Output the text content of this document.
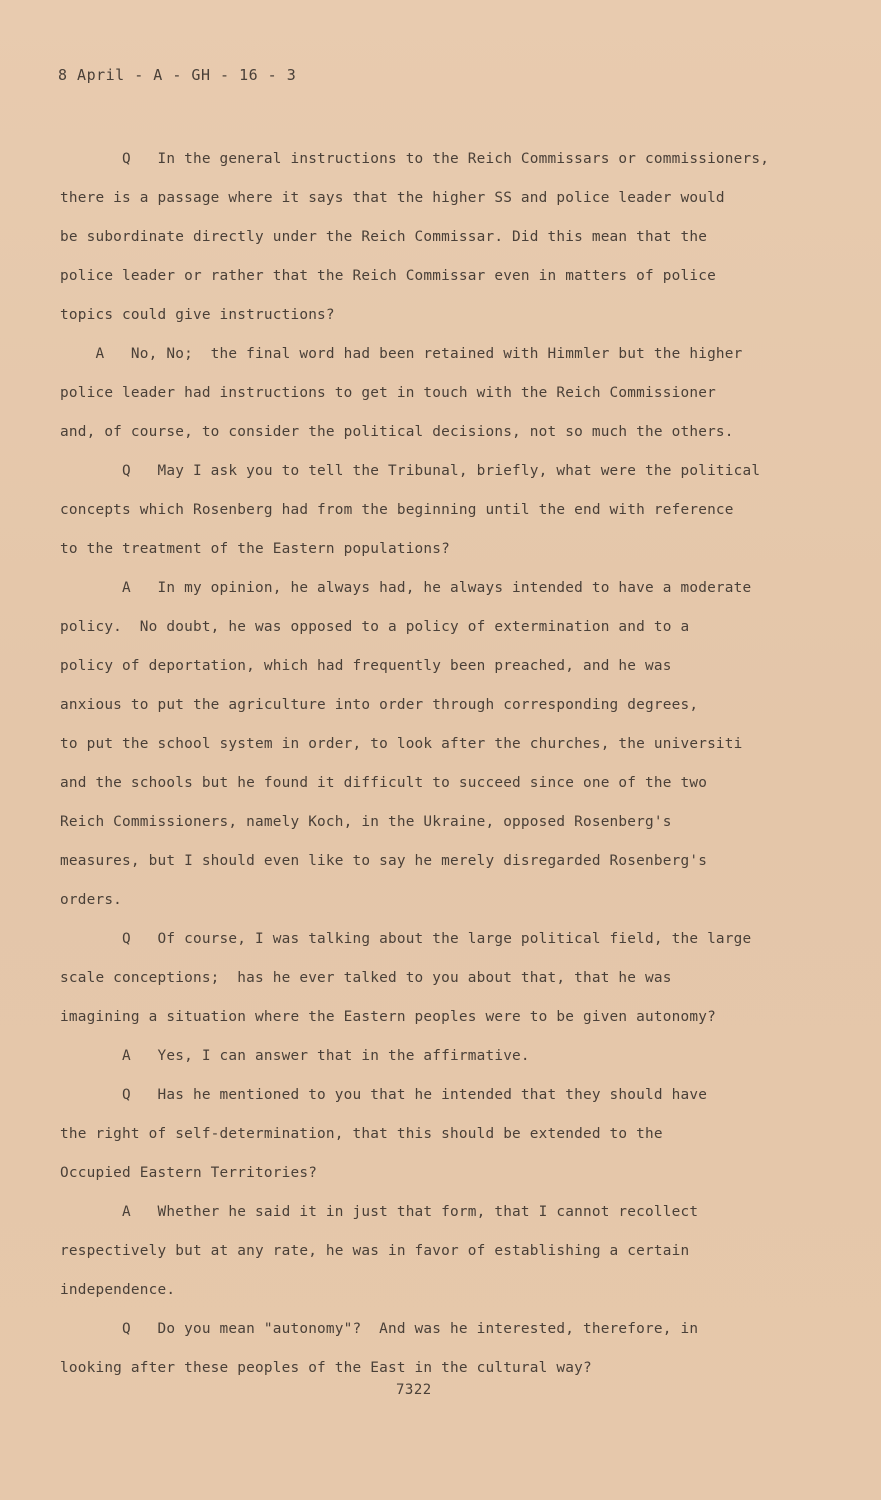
8 April - A - GH - 16 - 3
Q   In the general instructions to the Reich Commissars or commissioners,
there is a passage where it says that the higher SS and police leader would
be subordinate directly under the Reich Commissar. Did this mean that the
police leader or rather that the Reich Commissar even in matters of police
topics could give instructions?
A   No, No;  the final word had been retained with Himmler but the higher
police leader had instructions to get in touch with the Reich Commissioner
and, of course, to consider the political decisions, not so much the others.
Q   May I ask you to tell the Tribunal, briefly, what were the political
concepts which Rosenberg had from the beginning until the end with reference
to the treatment of the Eastern populations?
A   In my opinion, he always had, he always intended to have a moderate
policy.  No doubt, he was opposed to a policy of extermination and to a
policy of deportation, which had frequently been preached, and he was
anxious to put the agriculture into order through corresponding degrees,
to put the school system in order, to look after the churches, the universiti
and the schools but he found it difficult to succeed since one of the two
Reich Commissioners, namely Koch, in the Ukraine, opposed Rosenberg's
measures, but I should even like to say he merely disregarded Rosenberg's
orders.
Q   Of course, I was talking about the large political field, the large
scale conceptions;  has he ever talked to you about that, that he was
imagining a situation where the Eastern peoples were to be given autonomy?
A   Yes, I can answer that in the affirmative.
Q   Has he mentioned to you that he intended that they should have
the right of self-determination, that this should be extended to the
Occupied Eastern Territories?
A   Whether he said it in just that form, that I cannot recollect
respectively but at any rate, he was in favor of establishing a certain
independence.
Q   Do you mean "autonomy"?  And was he interested, therefore, in
looking after these peoples of the East in the cultural way?
7322
